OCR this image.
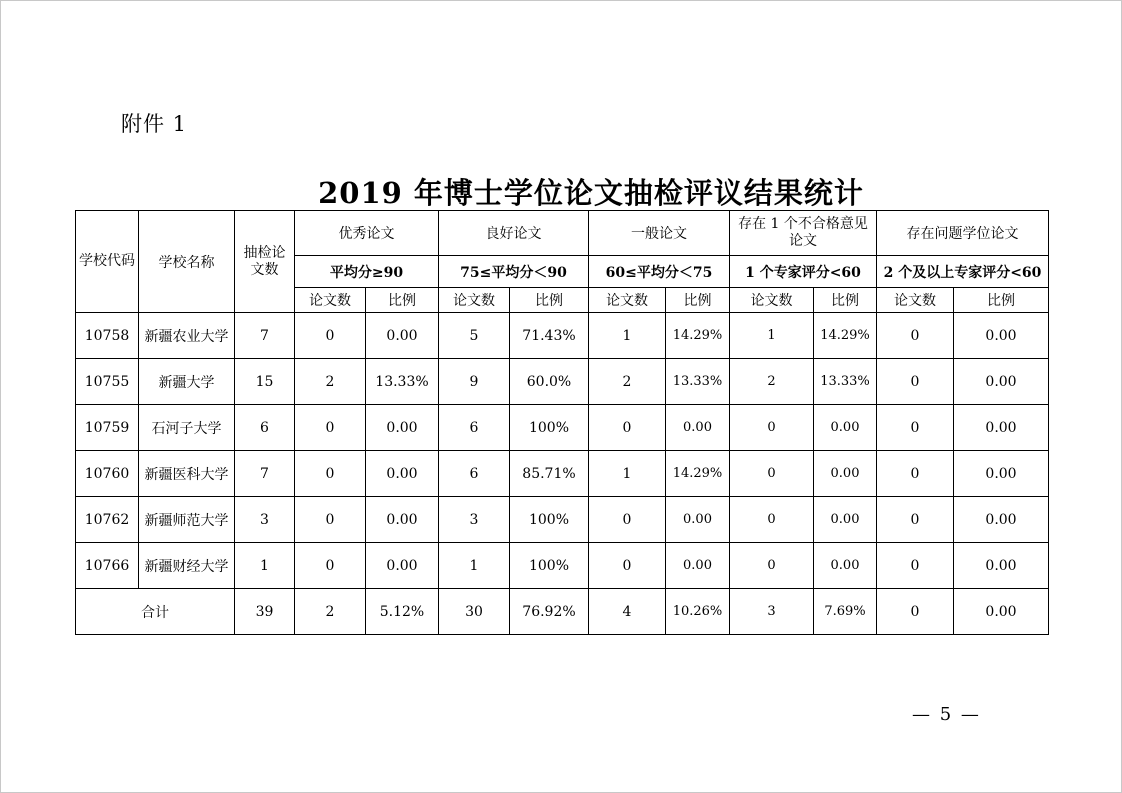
附件 1
2019 年博士学位论文抽检评议结果统计
学校代码	学校名称	抽检论文数	优秀论文		良好论文		一般论文		存在 1 个不合格意见论文		存在问题学位论文	
			平均分≥90		75≤平均分＜90		60≤平均分＜75		1 个专家评分<60		2 个及以上专家评分<60	
			论文数	比例	论文数	比例	论文数	比例	论文数	比例	论文数	比例
10758	新疆农业大学	7	0	0.00	5	71.43%	1	14.29%	1	14.29%	0	0.00
10755	新疆大学	15	2	13.33%	9	60.0%	2	13.33%	2	13.33%	0	0.00
10759	石河子大学	6	0	0.00	6	100%	0	0.00	0	0.00	0	0.00
10760	新疆医科大学	7	0	0.00	6	85.71%	1	14.29%	0	0.00	0	0.00
10762	新疆师范大学	3	0	0.00	3	100%	0	0.00	0	0.00	0	0.00
10766	新疆财经大学	1	0	0.00	1	100%	0	0.00	0	0.00	0	0.00
合计		39	2	5.12%	30	76.92%	4	10.26%	3	7.69%	0	0.00
— 5 —
